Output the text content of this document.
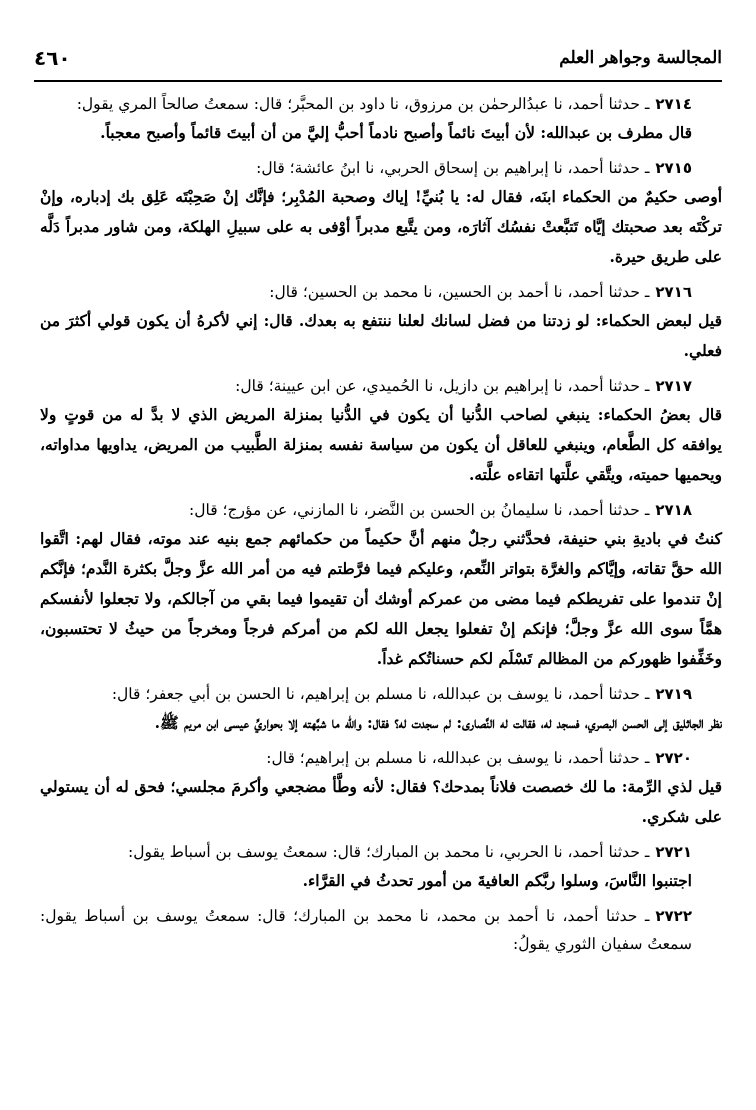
المجالسة وجواهر العلم
٤٦٠

٢٧١٤ـ حدثنا أحمد، نا عبدُالرحمٰن بن مرزوق، نا داود بن المحبَّر؛ قال: سمعتُ صالحاً المري يقول:

قال مطرف بن عبدالله: لأن أبيتَ نائماً وأصبح نادماً أحبُّ إليَّ من أن أبيتَ قائماً وأصبح معجباً.

٢٧١٥ـ حدثنا أحمد، نا إبراهيم بن إسحاق الحربي، نا ابنُ عائشة؛ قال:

أوصى حكيمٌ من الحكماء ابنَه، فقال له: يا بُنيِّ! إياك وصحبة المُدْبِر؛ فإنَّك إنْ صَحِبْتَه عَلِق بك إدباره، وإنْ تركْتَه بعد صحبتك إيَّاه تَتبَّعتْ نفسُك آثارَه، ومن يتَّبع مدبراً أوْفى به على سبيلِ الهلكة، ومن شاور مدبراً دَلَّه على طريق حيرة.

٢٧١٦ـ حدثنا أحمد، نا أحمد بن الحسين، نا محمد بن الحسين؛ قال:

قيل لبعض الحكماء: لو زدتنا من فضل لسانك لعلنا ننتفع به بعدك. قال: إني لأكرهُ أن يكون قولي أكثرَ من فعلي.

٢٧١٧ـ حدثنا أحمد، نا إبراهيم بن دازيل، نا الحُميدي، عن ابن عيينة؛ قال:

قال بعضُ الحكماء: ينبغي لصاحب الدُّنيا أن يكون في الدُّنيا بمنزلة المريض الذي لا بدَّ له من قوتٍ ولا يوافقه كل الطَّعام، وينبغي للعاقل أن يكون من سياسة نفسه بمنزلة الطَّبيب من المريض، يداويها مداواته، ويحميها حميته، ويتَّقي علَّتها اتقاءه علَّته.

٢٧١٨ـ حدثنا أحمد، نا سليمانُ بن الحسن بن النَّضر، نا المازني، عن مؤرج؛ قال:

كنتُ في باديةِ بني حنيفة، فحدَّثني رجلٌ منهم أنَّ حكيماً من حكمائهم جمع بنيه عند موته، فقال لهم: اتَّقوا الله حقَّ تقاته، وإيَّاكم والغرَّة بتواتر النِّعم، وعليكم فيما فرَّطتم فيه من أمر الله عزَّ وجلَّ بكثرة النَّدم؛ فإنَّكم إنْ تندموا على تفريطكم فيما مضى من عمركم أوشك أن تقيموا فيما بقي من آجالكم، ولا تجعلوا لأنفسكم همَّاً سوى الله عزَّ وجلَّ؛ فإنكم إنْ تفعلوا يجعل الله لكم من أمركم فرجاً ومخرجاً من حيثُ لا تحتسبون، وخَفِّفوا ظهوركم من المظالم تَسْلَم لكم حسناتُكم غداً.

٢٧١٩ـ حدثنا أحمد، نا يوسف بن عبدالله، نا مسلم بن إبراهيم، نا الحسن بن أبي جعفر؛ قال:

نظر الجاثليق إلى الحسن البصري، فسجد له، فقالت له النَّصارى: لم سجدت له؟ فقال: والله ما شبَّهته إلا بحواريِّ عيسى ابن مريم ﷺ.

٢٧٢٠ـ حدثنا أحمد، نا يوسف بن عبدالله، نا مسلم بن إبراهيم؛ قال:

قيل لذي الرِّمة: ما لك خصصت فلاناً بمدحك؟ فقال: لأنه وطَّأ مضجعي وأكرمَ مجلسي؛ فحق له أن يستولي على شكري.

٢٧٢١ـ حدثنا أحمد، نا الحربي، نا محمد بن المبارك؛ قال: سمعتُ يوسف بن أسباط يقول:

اجتنبوا النَّاسَ، وسلوا ربَّكم العافيةَ من أمور تحدثُ في القرَّاء.

٢٧٢٢ـ حدثنا أحمد، نا أحمد بن محمد، نا محمد بن المبارك؛ قال: سمعتُ يوسف بن أسباط يقول: سمعتُ سفيان الثوري يقولُ:
